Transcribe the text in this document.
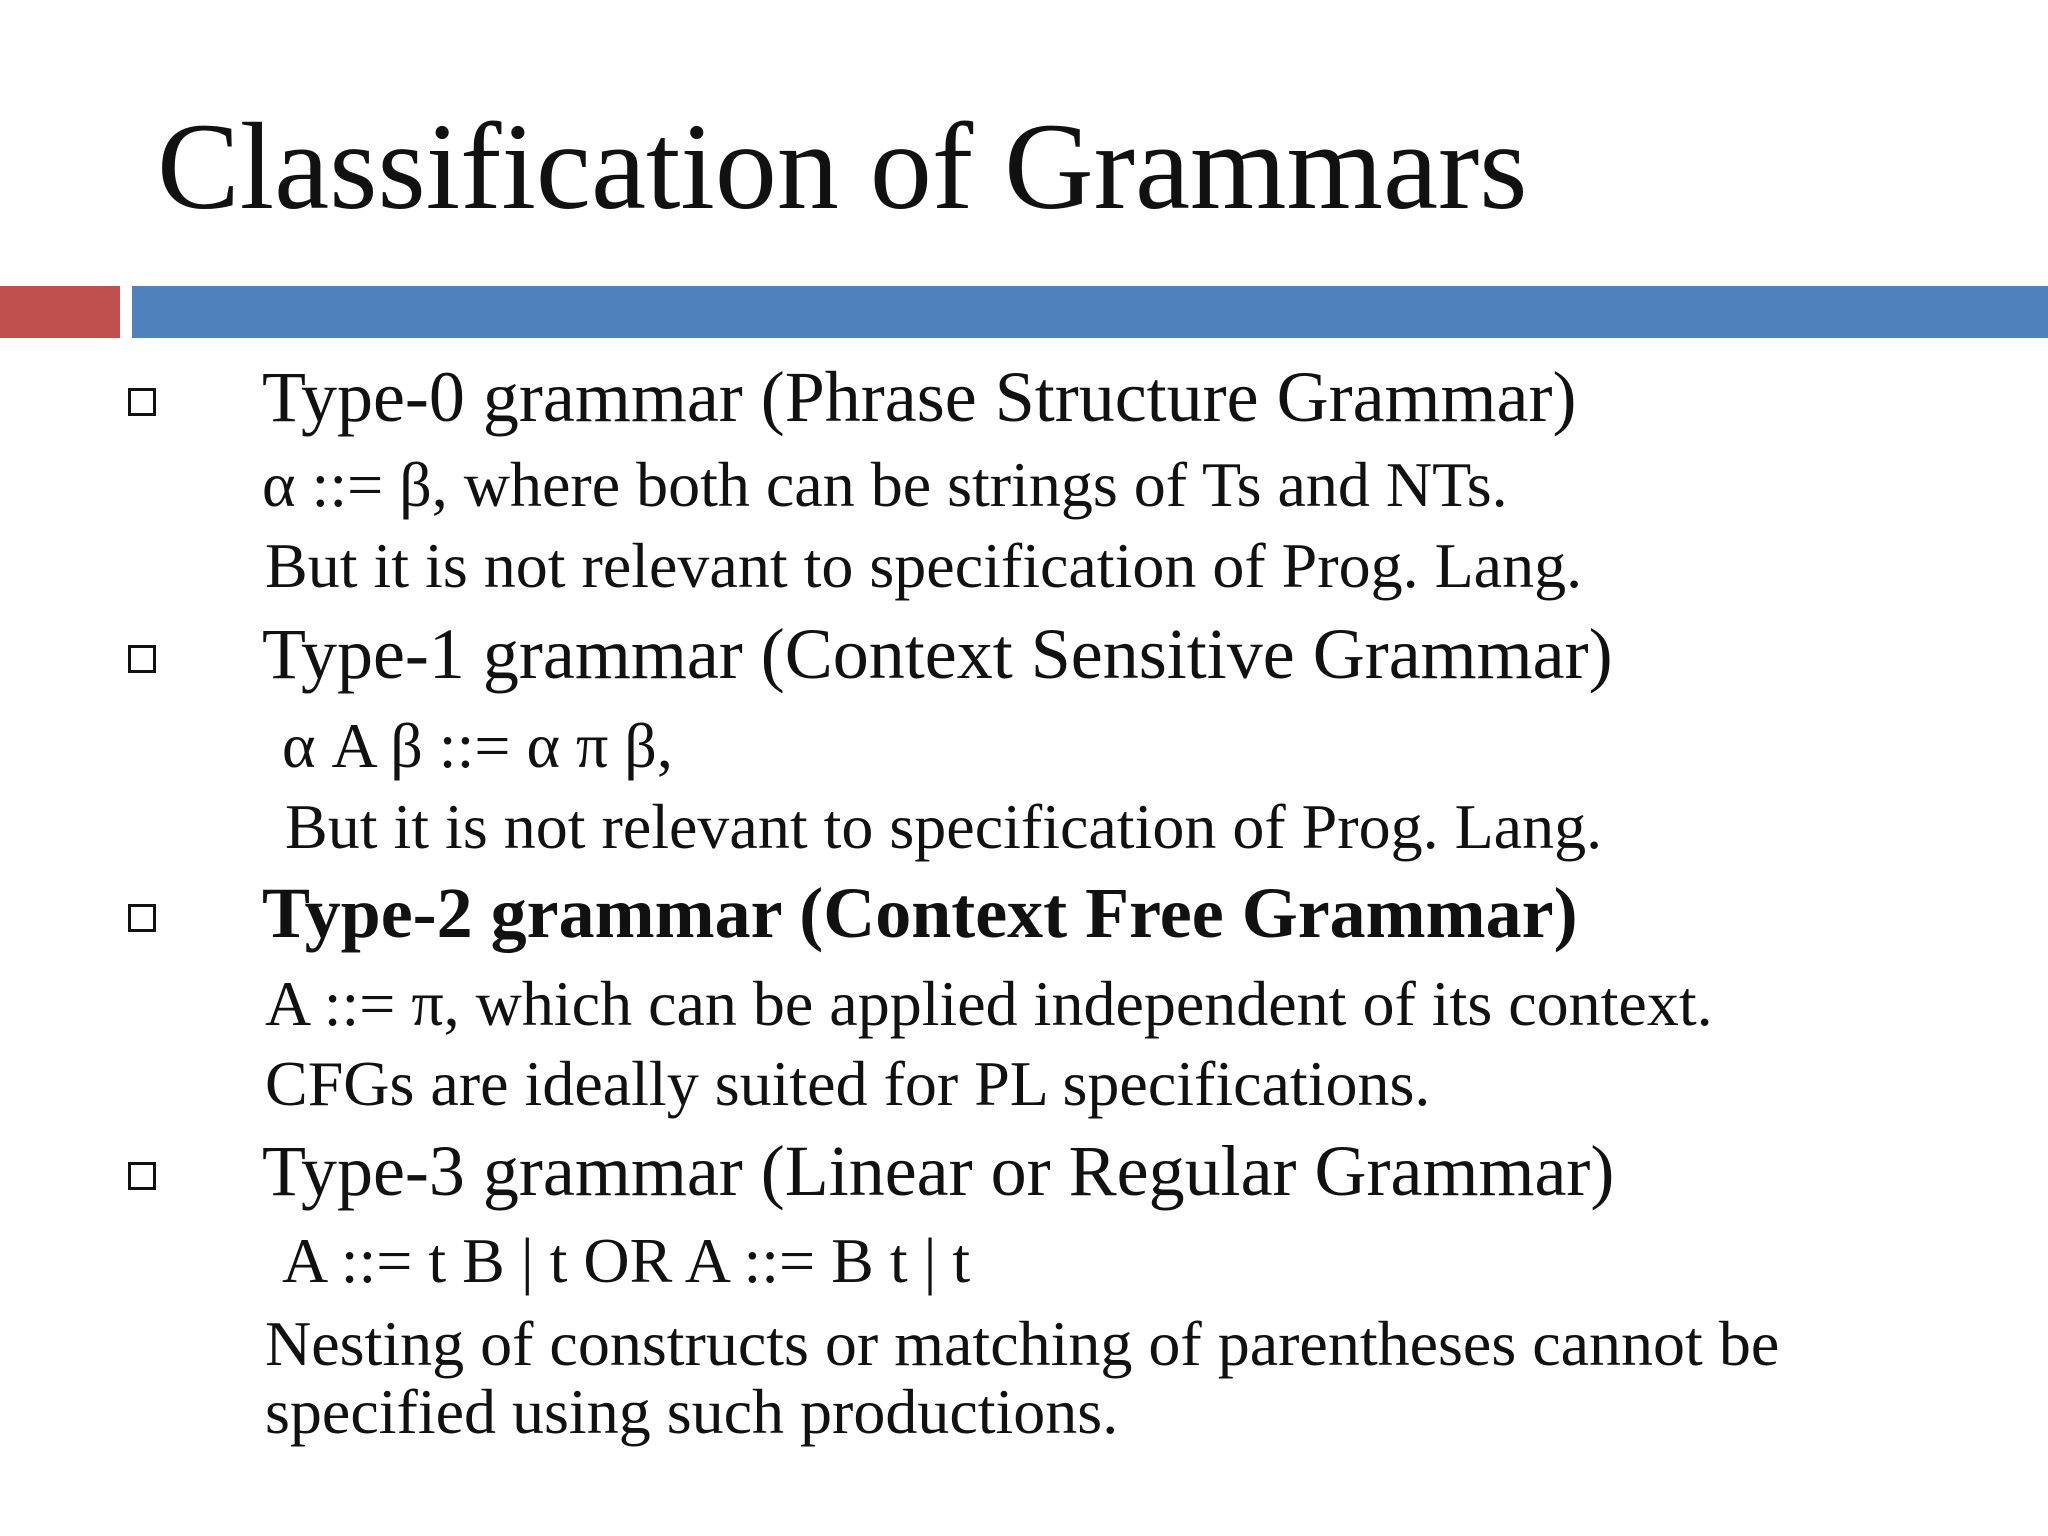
Classification of Grammars
Type-0 grammar (Phrase Structure Grammar)
α ::= β, where both can be strings of Ts and NTs.
But it is not relevant to specification of Prog. Lang.
Type-1 grammar (Context Sensitive Grammar)
α A β ::= α π β,
But it is not relevant to specification of Prog. Lang.
Type-2 grammar (Context Free Grammar)
A ::= π, which can be applied independent of its context.
CFGs are ideally suited for PL specifications.
Type-3 grammar (Linear or Regular Grammar)
A ::= t B | t OR A ::= B t | t
Nesting of constructs or matching of parentheses cannot be
specified using such productions.
